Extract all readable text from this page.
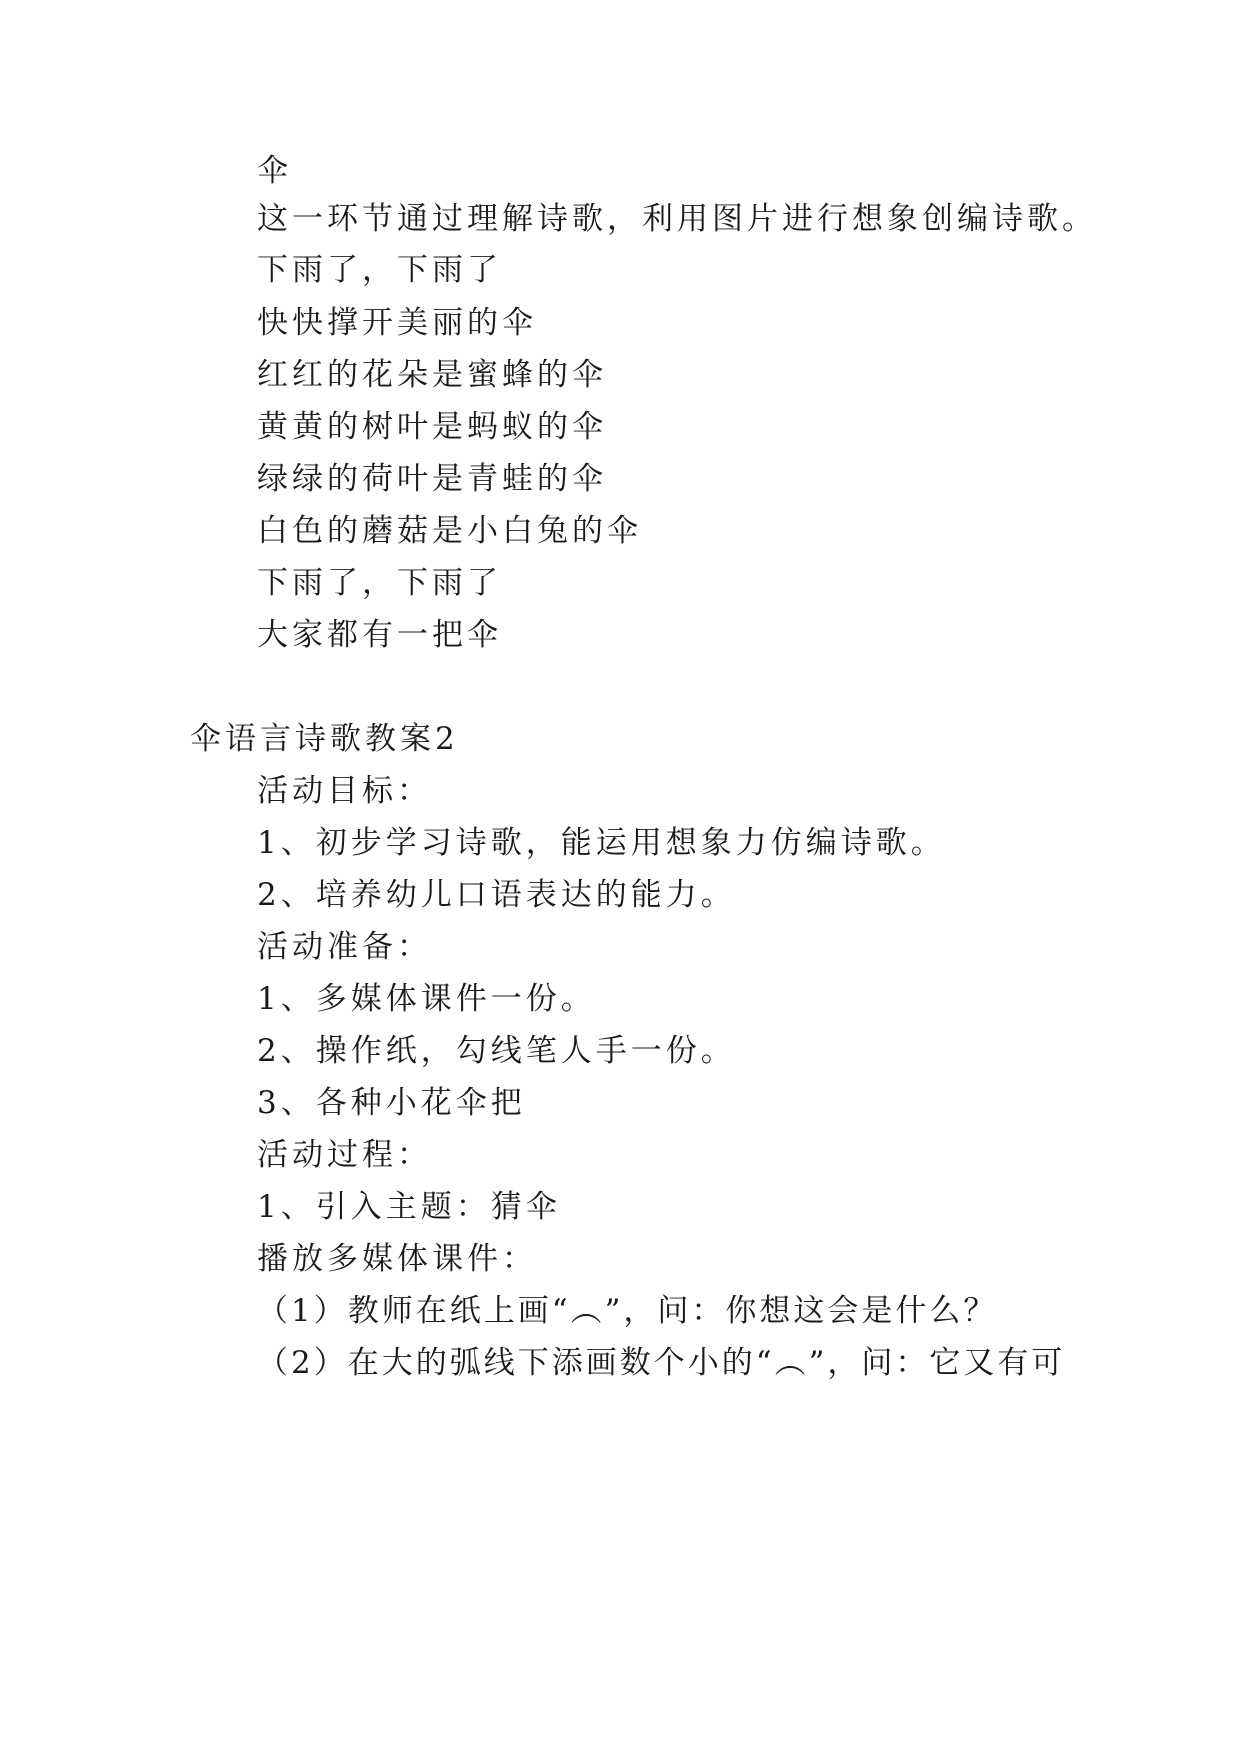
伞
这一环节通过理解诗歌，利用图片进行想象创编诗歌。
下雨了，下雨了
快快撑开美丽的伞
红红的花朵是蜜蜂的伞
黄黄的树叶是蚂蚁的伞
绿绿的荷叶是青蛙的伞
白色的蘑菇是小白兔的伞
下雨了，下雨了
大家都有一把伞
伞语言诗歌教案2
活动目标：
1、初步学习诗歌，能运用想象力仿编诗歌。
2、培养幼儿口语表达的能力。
活动准备：
1、多媒体课件一份。
2、操作纸，勾线笔人手一份。
3、各种小花伞把
活动过程：
1、引入主题：猜伞
播放多媒体课件：
（1）教师在纸上画“︵”，问：你想这会是什么？
（2）在大的弧线下添画数个小的“︵”，问：它又有可
